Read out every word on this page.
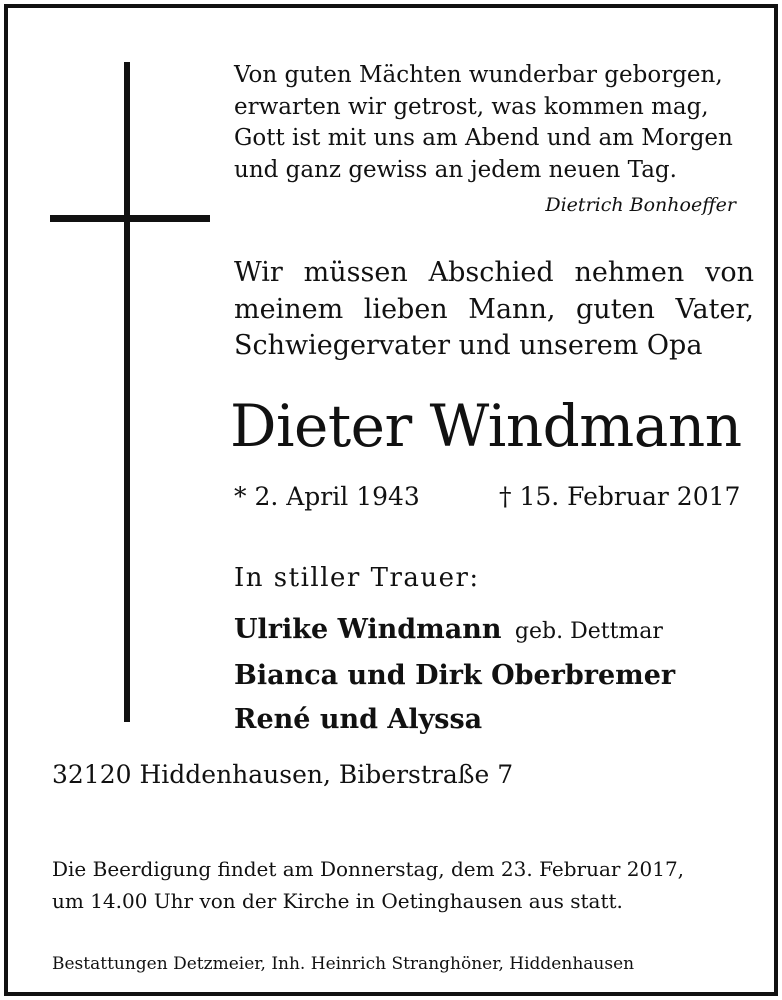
Von guten Mächten wunderbar geborgen,
erwarten wir getrost, was kommen mag,
Gott ist mit uns am Abend und am Morgen
und ganz gewiss an jedem neuen Tag.
Dietrich Bonhoeffer
Wir müssen Abschied nehmen von
meinem lieben Mann, guten Vater,
Schwiegervater und unserem Opa
Dieter Windmann
* 2. April 1943	† 15. Februar 2017
In stiller Trauer:
Ulrike Windmann geb. Dettmar
Bianca und Dirk Oberbremer
René und Alyssa
32120 Hiddenhausen, Biberstraße 7
Die Beerdigung findet am Donnerstag, dem 23. Februar 2017,
um 14.00 Uhr von der Kirche in Oetinghausen aus statt.
Bestattungen Detzmeier, Inh. Heinrich Stranghöner, Hiddenhausen
